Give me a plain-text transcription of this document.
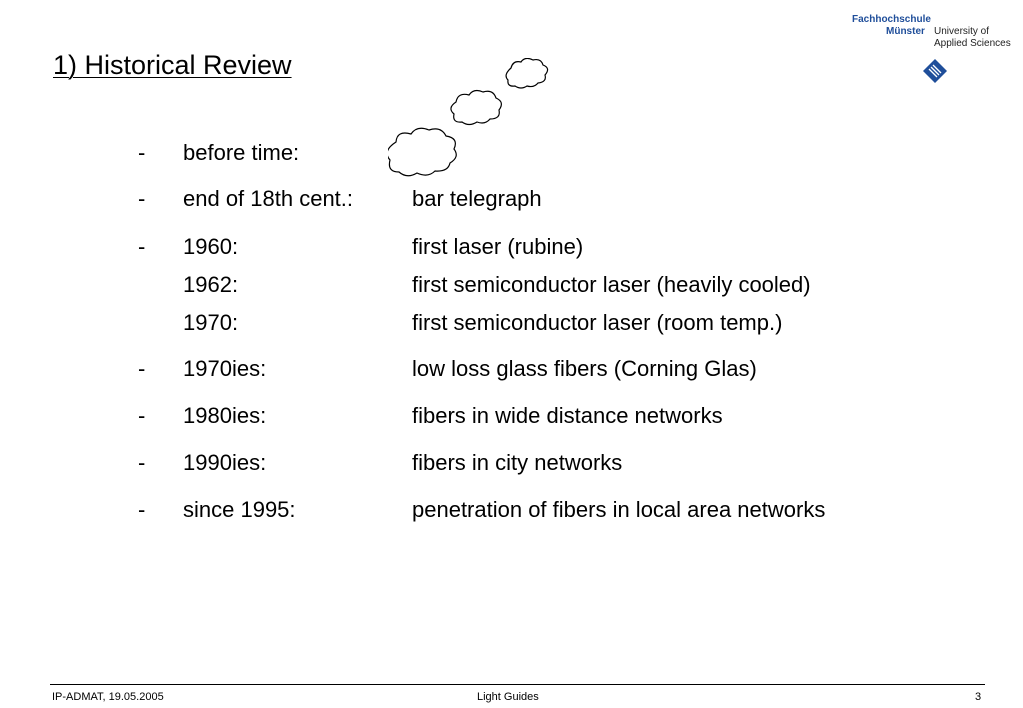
1) Historical Review
Fachhochschule
Münster University of
Applied Sciences
- before time:
- end of 18th cent.:	bar telegraph
- 1960:	first laser (rubine)
1962:	first semiconductor laser (heavily cooled)
1970:	first semiconductor laser (room temp.)
- 1970ies:	low loss glass fibers (Corning Glas)
- 1980ies:	fibers in wide distance networks
- 1990ies:	fibers in city networks
- since 1995:	penetration of fibers in local area networks
IP-ADMAT, 19.05.2005	Light Guides	3
